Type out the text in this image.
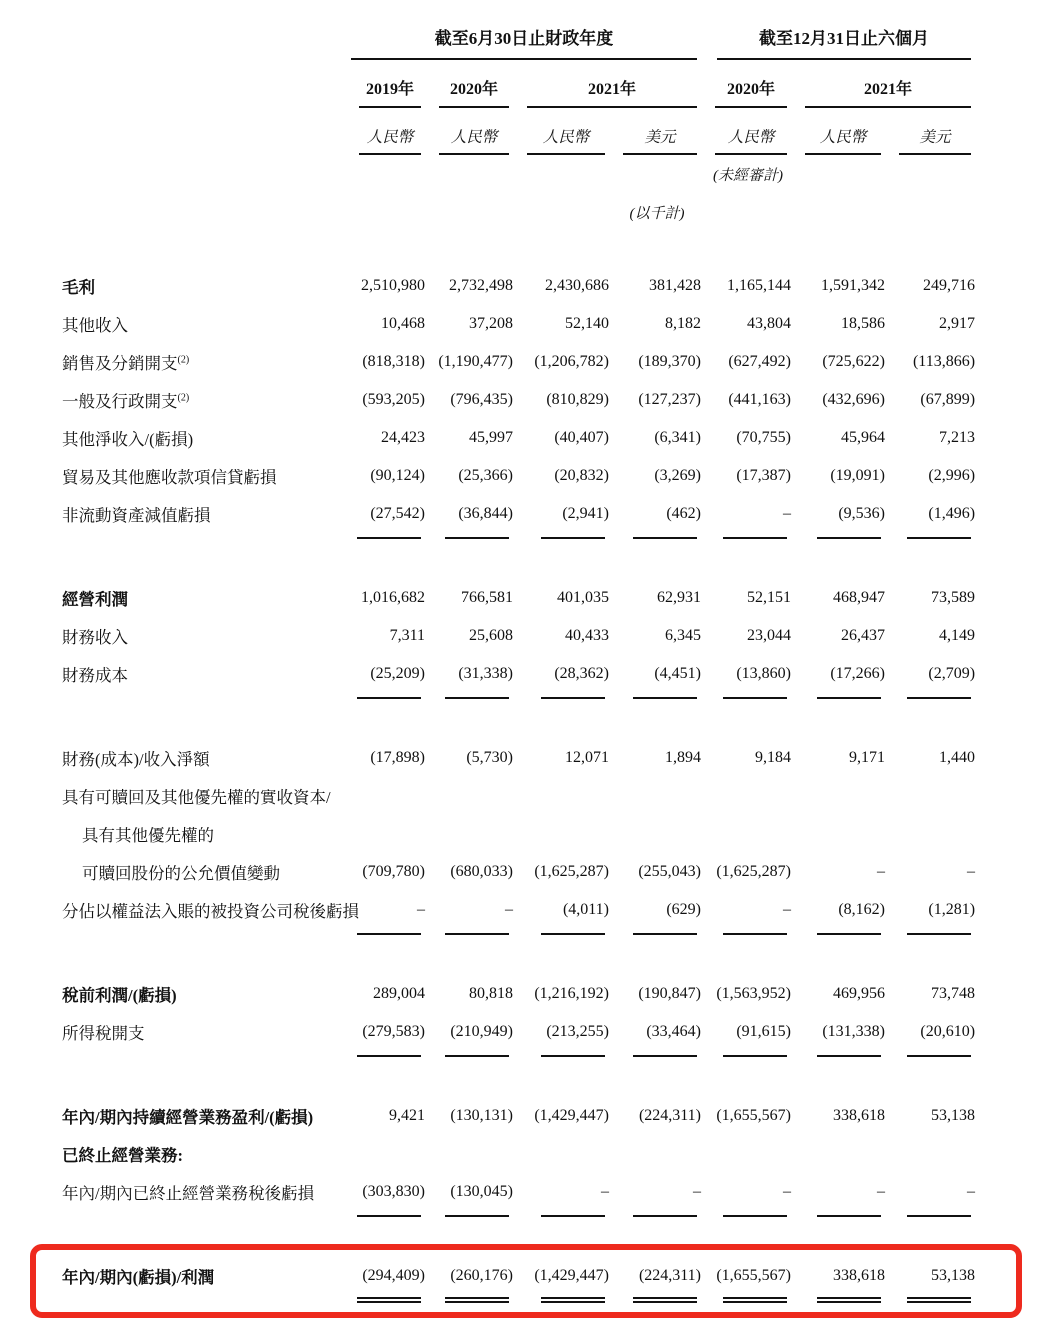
	截至6月30日止財政年度				截至12月31日止六個月		

	2019年	2020年	2021年		2020年	2021年	

	人民幣	人民幣	人民幣	美元	人民幣	人民幣	美元

					(未經審計)		

				(以千計)			

毛利	2,510,980	2,732,498	2,430,686	381,428	1,165,144	1,591,342	249,716
其他收入	10,468	37,208	52,140	8,182	43,804	18,586	2,917
銷售及分銷開支$^{(2)}$	(818,318)	(1,190,477)	(1,206,782)	(189,370)	(627,492)	(725,622)	(113,866)
一般及行政開支$^{(2)}$	(593,205)	(796,435)	(810,829)	(127,237)	(441,163)	(432,696)	(67,899)
其他淨收入/(虧損)	24,423	45,997	(40,407)	(6,341)	(70,755)	45,964	7,213
貿易及其他應收款項信貸虧損	(90,124)	(25,366)	(20,832)	(3,269)	(17,387)	(19,091)	(2,996)
非流動資產減值虧損	(27,542)	(36,844)	(2,941)	(462)	–	(9,536)	(1,496)

經營利潤	1,016,682	766,581	401,035	62,931	52,151	468,947	73,589
財務收入	7,311	25,608	40,433	6,345	23,044	26,437	4,149
財務成本	(25,209)	(31,338)	(28,362)	(4,451)	(13,860)	(17,266)	(2,709)

財務(成本)/收入淨額	(17,898)	(5,730)	12,071	1,894	9,184	9,171	1,440
具有可贖回及其他優先權的實收資本/							
具有其他優先權的							
可贖回股份的公允價值變動	(709,780)	(680,033)	(1,625,287)	(255,043)	(1,625,287)	–	–
分佔以權益法入賬的被投資公司稅後虧損	–	–	(4,011)	(629)	–	(8,162)	(1,281)

稅前利潤/(虧損)	289,004	80,818	(1,216,192)	(190,847)	(1,563,952)	469,956	73,748
所得稅開支	(279,583)	(210,949)	(213,255)	(33,464)	(91,615)	(131,338)	(20,610)

年內/期內持續經營業務盈利/(虧損)	9,421	(130,131)	(1,429,447)	(224,311)	(1,655,567)	338,618	53,138
已終止經營業務:							
年內/期內已終止經營業務稅後虧損	(303,830)	(130,045)	–	–	–	–	–

年內/期內(虧損)/利潤	(294,409)	(260,176)	(1,429,447)	(224,311)	(1,655,567)	338,618	53,138
